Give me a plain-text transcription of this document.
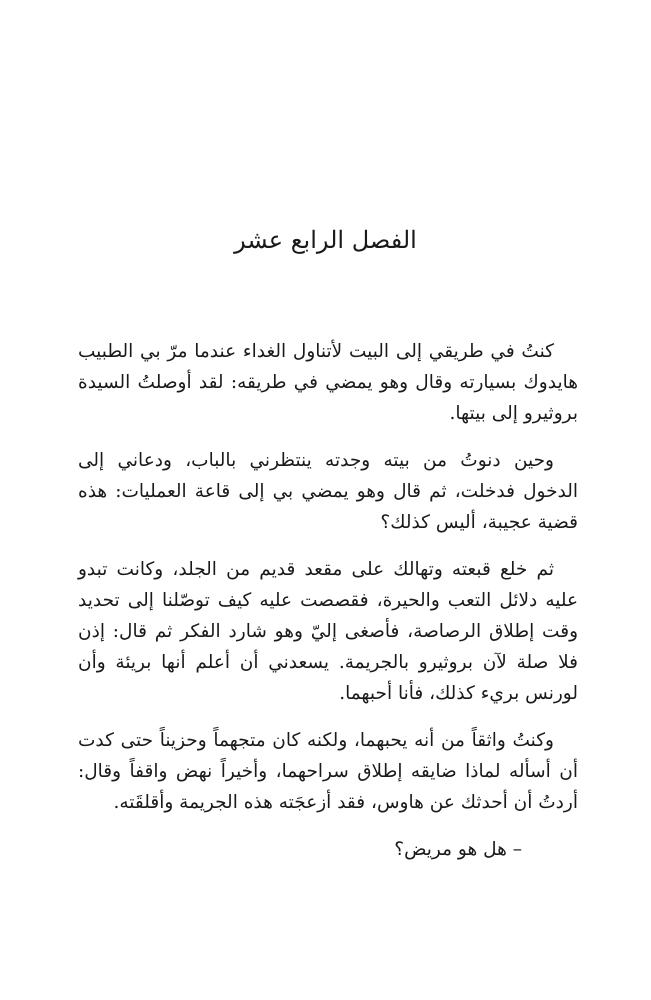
الفصل الرابع عشر

كنتُ في طريقي إلى البيت لأتناول الغداء عندما مرّ بي الطبيب هايدوك بسيارته وقال وهو يمضي في طريقه: لقد أوصلتُ السيدة بروثيرو إلى بيتها.

وحين دنوتُ من بيته وجدته ينتظرني بالباب، ودعاني إلى الدخول فدخلت، ثم قال وهو يمضي بي إلى قاعة العمليات: هذه قضية عجيبة، أليس كذلك؟

ثم خلع قبعته وتهالك على مقعد قديم من الجلد، وكانت تبدو عليه دلائل التعب والحيرة، فقصصت عليه كيف توصّلنا إلى تحديد وقت إطلاق الرصاصة، فأصغى إليّ وهو شارد الفكر ثم قال: إذن فلا صلة لآن بروثيرو بالجريمة. يسعدني أن أعلم أنها بريئة وأن لورنس بريء كذلك، فأنا أحبهما.

وكنتُ واثقاً من أنه يحبهما، ولكنه كان متجهماً وحزيناً حتى كدت أن أسأله لماذا ضايقه إطلاق سراحهما، وأخيراً نهض واقفاً وقال: أردتُ أن أحدثك عن هاوس، فقد أزعجَته هذه الجريمة وأقلقَته.

– هل هو مريض؟
